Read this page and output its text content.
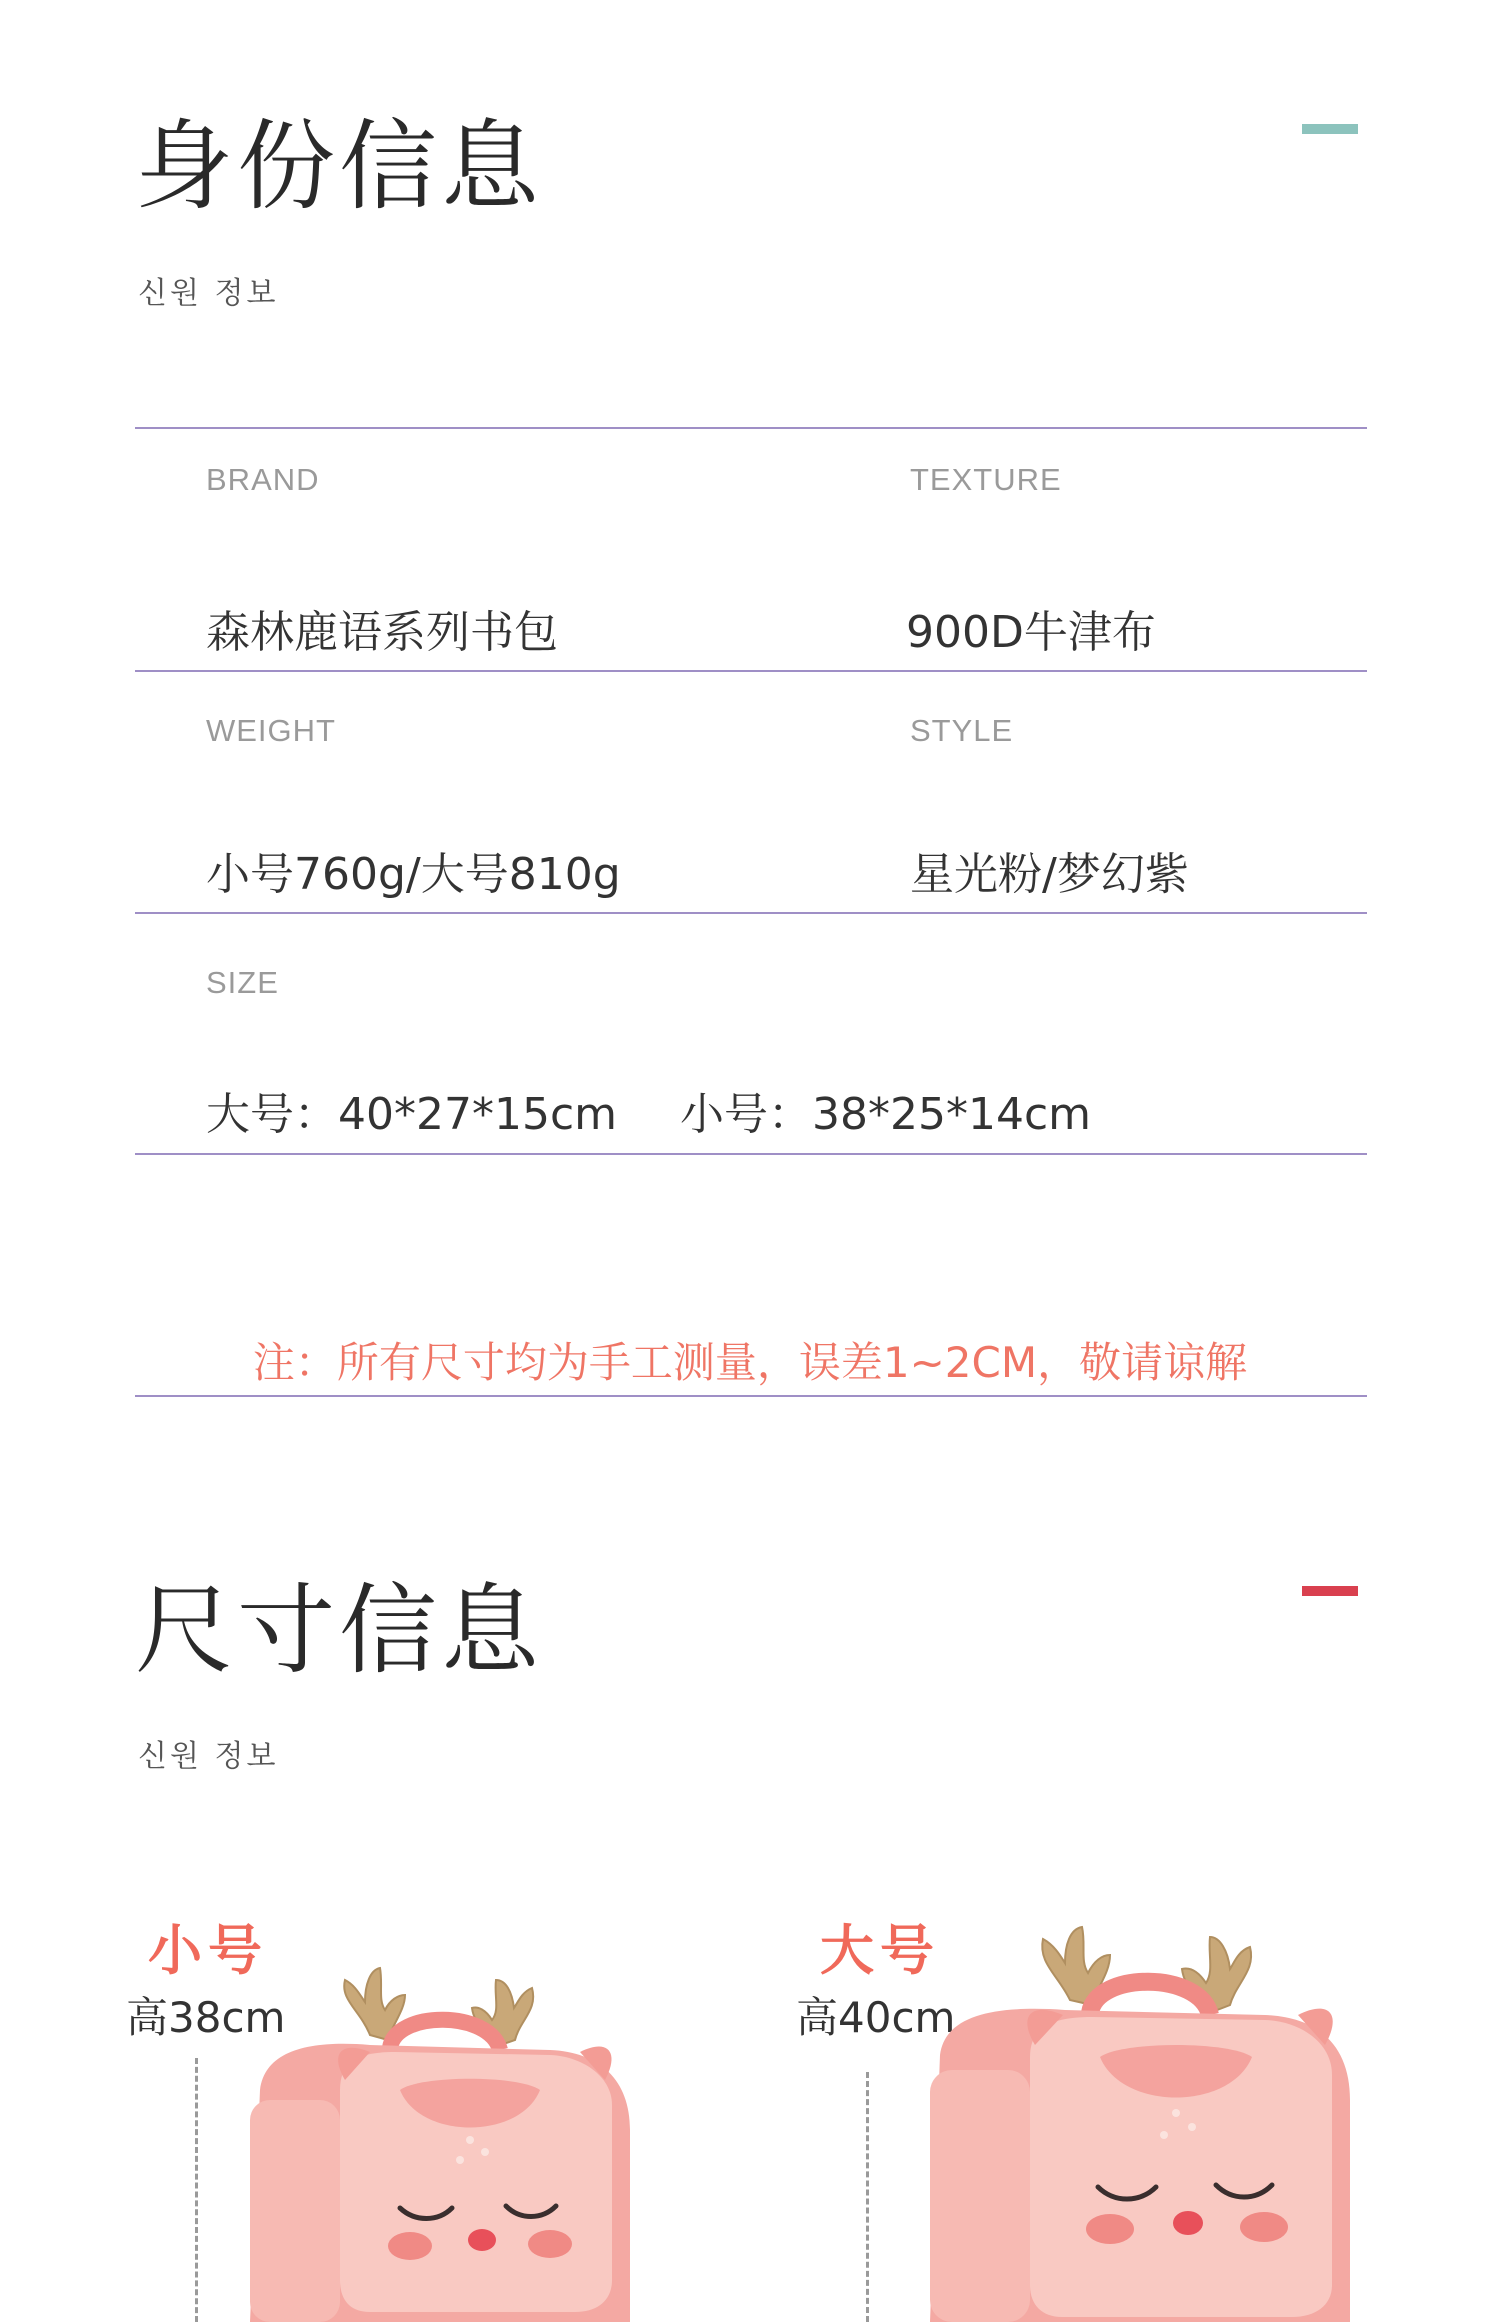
身份信息
신원 정보
BRAND	TEXTURE
森林鹿语系列书包	900D牛津布
WEIGHT	STYLE
小号760g/大号810g	星光粉/梦幻紫
SIZE
大号：40*27*15cm 小号：38*25*14cm
注：所有尺寸均为手工测量，误差1~2CM，敬请谅解
尺寸信息
신원 정보
小号
高38cm
大号
高40cm
